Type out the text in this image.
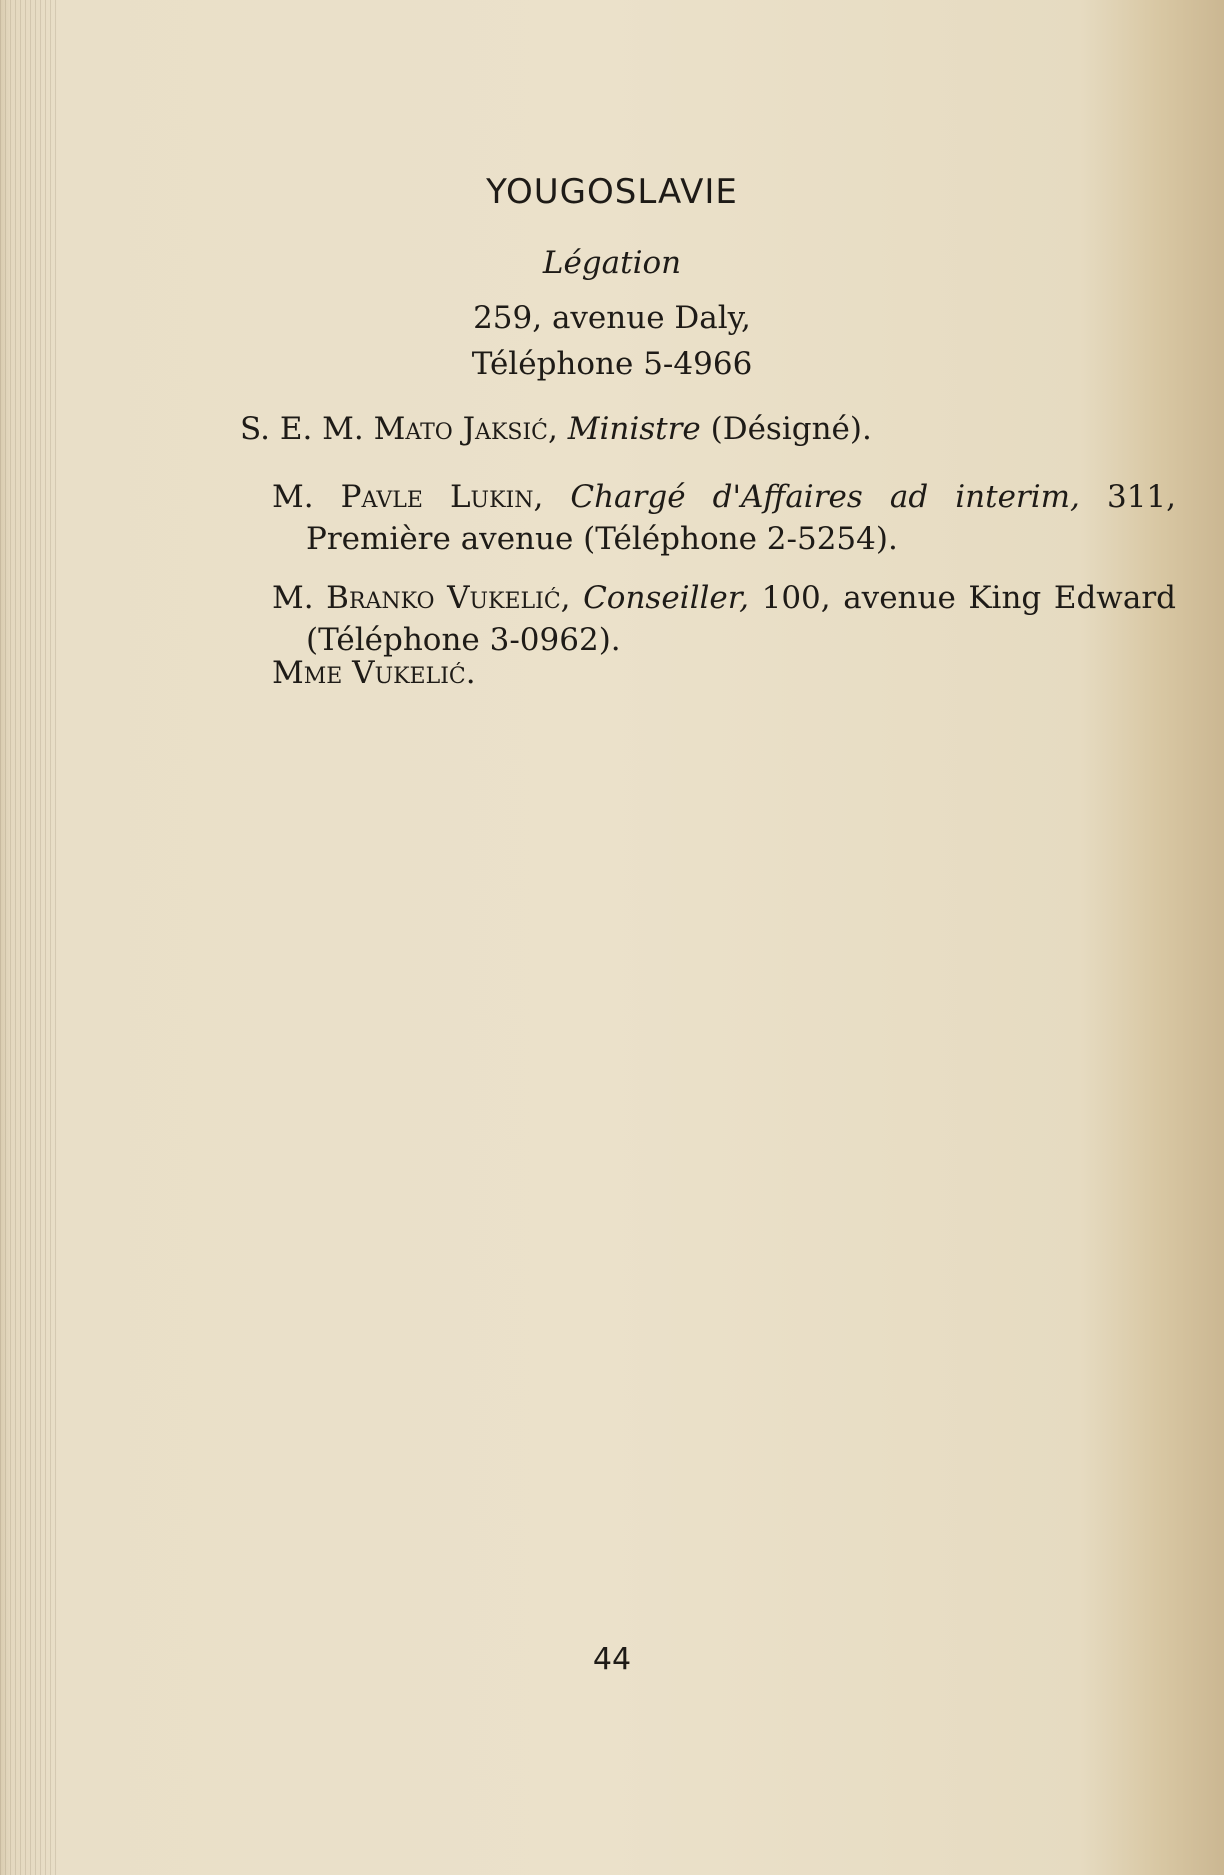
YOUGOSLAVIE
Légation
259, avenue Daly,
Téléphone 5-4966
S. E. M. Mato Jaksić, Ministre (Désigné).
M. Pavle Lukin, Chargé d'Affaires ad interim, 311, Première avenue (Téléphone 2-5254).
M. Branko Vukelić, Conseiller, 100, avenue King Edward (Téléphone 3-0962).
Mme Vukelić.
44
